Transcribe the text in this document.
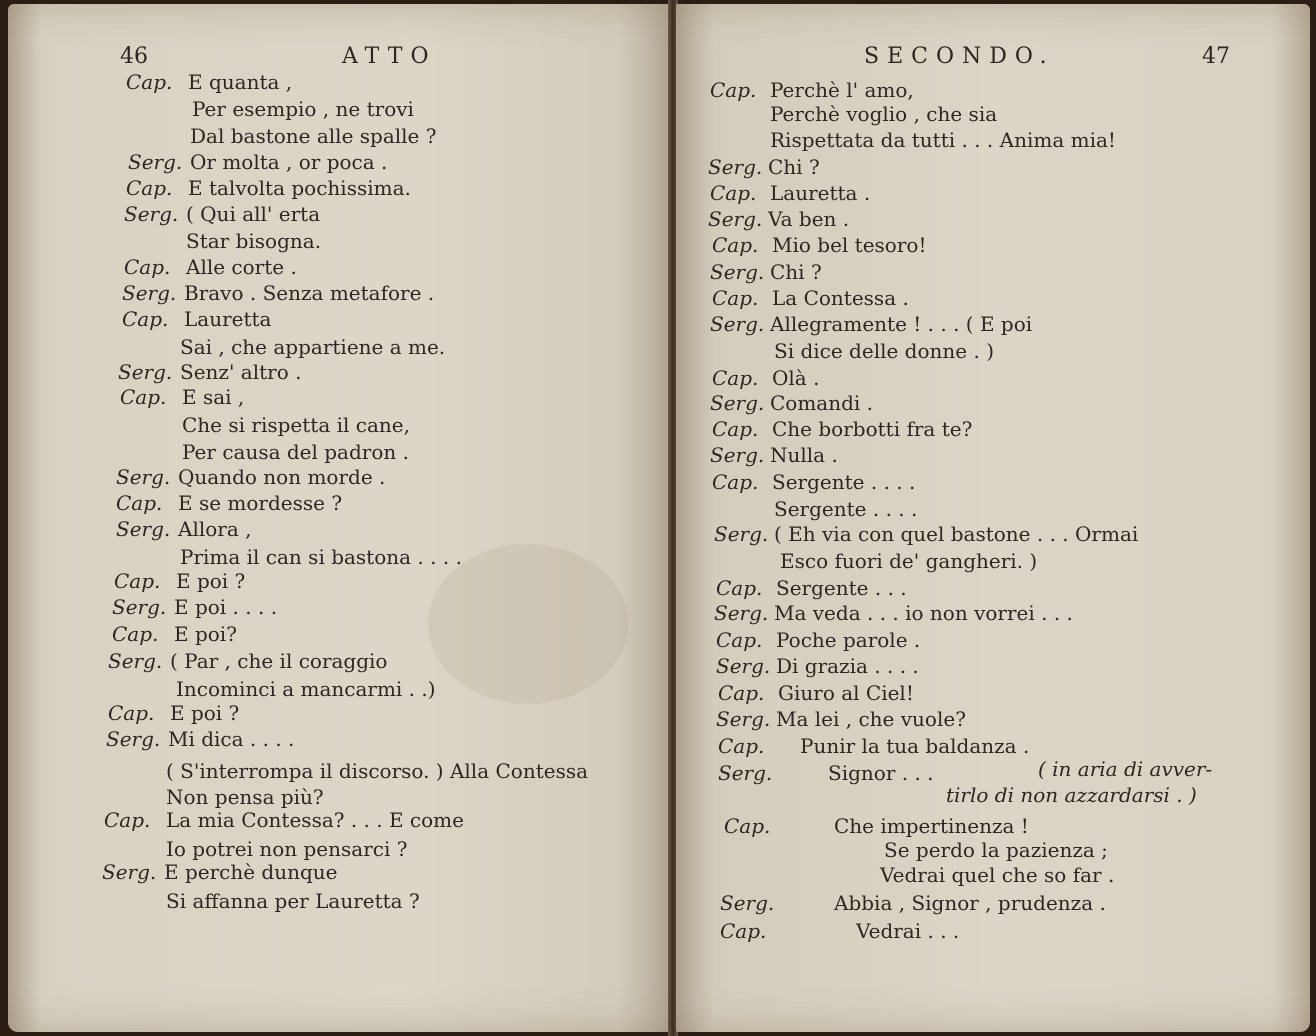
46	ATTO
Cap. E quanta ,
Per esempio , ne trovi
Dal bastone alle spalle ?
Serg. Or molta , or poca .
Cap. E talvolta pochissima.
Serg. ( Qui all' erta
Star bisogna.
Cap. Alle corte .
Serg. Bravo . Senza metafore .
Cap. Lauretta
Sai , che appartiene a me.
Serg. Senz' altro .
Cap. E sai ,
Che si rispetta il cane,
Per causa del padron .
Serg. Quando non morde .
Cap. E se mordesse ?
Serg. Allora ,
Prima il can si bastona . . . .
Cap. E poi ?
Serg. E poi . . . .
Cap. E poi?
Serg. ( Par , che il coraggio
Incominci a mancarmi . .)
Cap. E poi ?
Serg. Mi dica . . . .
( S'interrompa il discorso. ) Alla Contessa
Non pensa più?
Cap. La mia Contessa? . . . E come
Io potrei non pensarci ?
Serg. E perchè dunque
Si affanna per Lauretta ?
SECONDO.	47
Cap. Perchè l' amo,
Perchè voglio , che sia
Rispettata da tutti . . . Anima mia!
Serg. Chi ?
Cap. Lauretta .
Serg. Va ben .
Cap. Mio bel tesoro!
Serg. Chi ?
Cap. La Contessa .
Serg. Allegramente ! . . . ( E poi
Si dice delle donne . )
Cap. Olà .
Serg. Comandi .
Cap. Che borbotti fra te?
Serg. Nulla .
Cap. Sergente . . . .
Sergente . . . .
Serg. ( Eh via con quel bastone . . . Ormai
Esco fuori de' gangheri. )
Cap. Sergente . . .
Serg. Ma veda . . . io non vorrei . . .
Cap. Poche parole .
Serg. Di grazia . . . .
Cap. Giuro al Ciel!
Serg. Ma lei , che vuole?
Cap. Punir la tua baldanza .
Serg.	Signor . . .	( in aria di avver-
tirlo di non azzardarsi . )
Cap.	Che impertinenza !
Se perdo la pazienza ;
Vedrai quel che so far .
Serg.	Abbia , Signor , prudenza .
Cap.	Vedrai . . .
